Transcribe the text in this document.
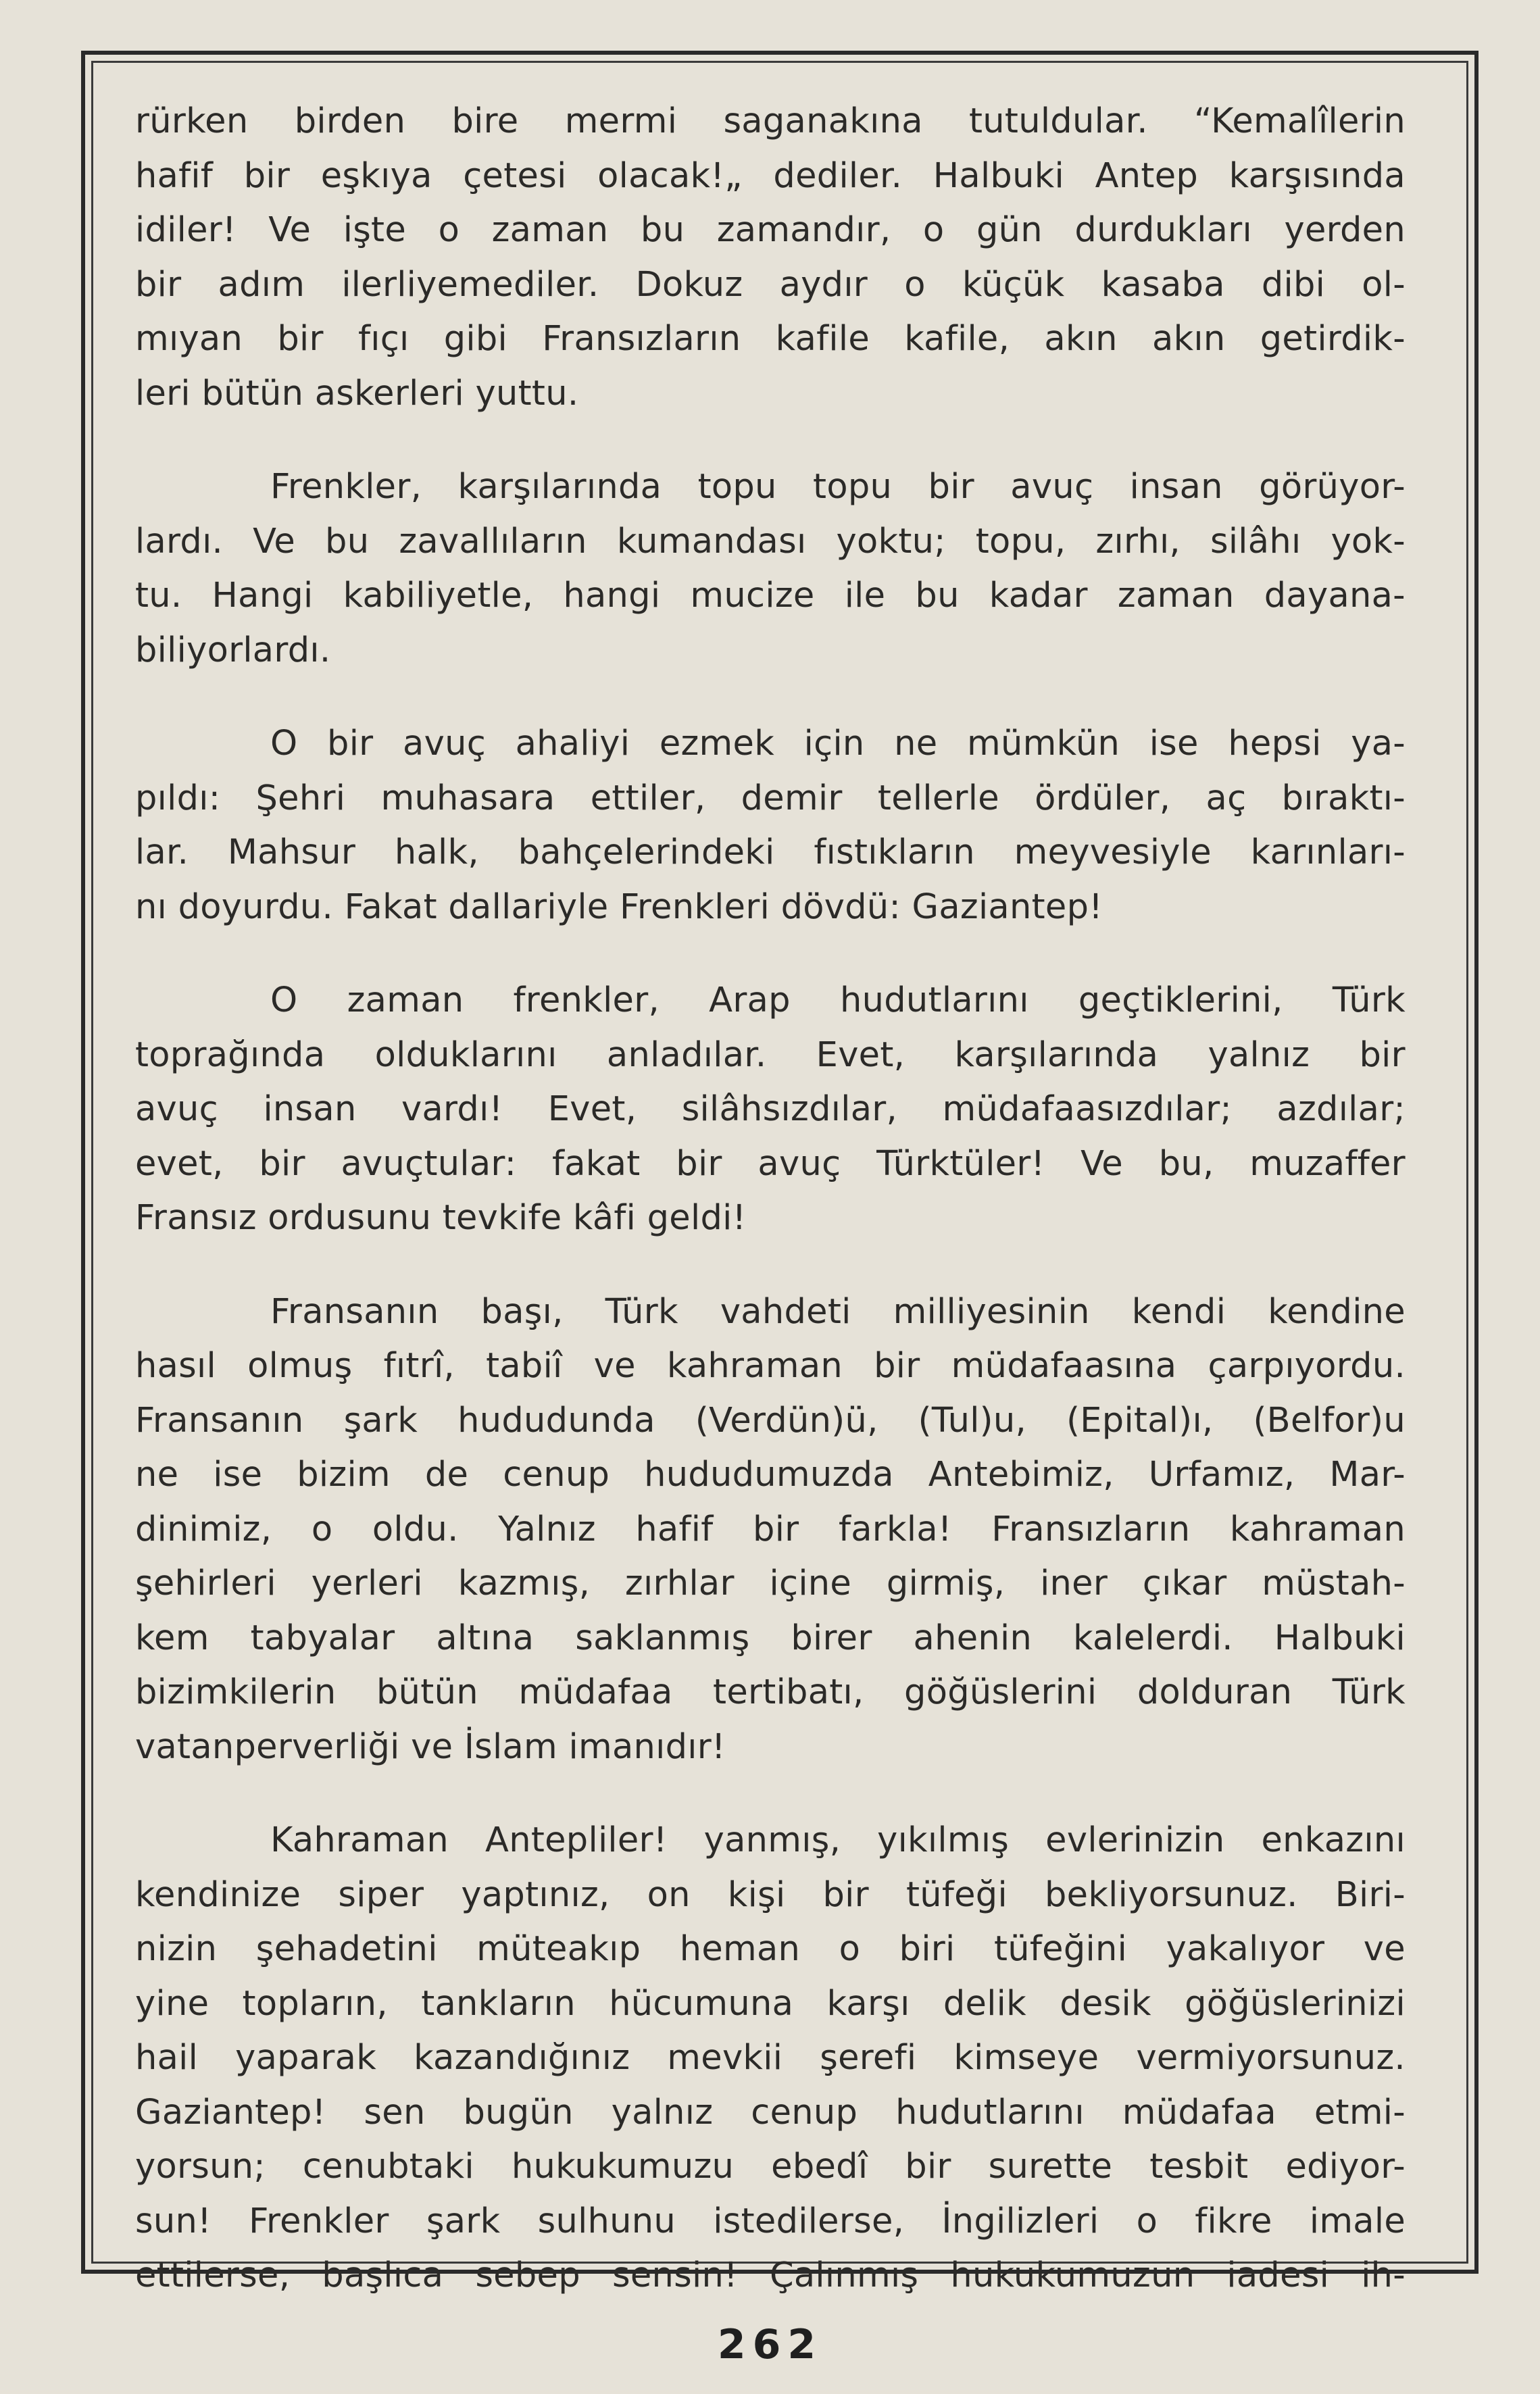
rürken birden bire mermi saganakına tutuldular. “Kemalîlerin
hafif bir eşkıya çetesi olacak!„ dediler. Halbuki Antep karşısında
idiler! Ve işte o zaman bu zamandır, o gün durdukları yerden
bir adım ilerliyemediler. Dokuz aydır o küçük kasaba dibi ol-
mıyan bir fıçı gibi Fransızların kafile kafile, akın akın getirdik-
leri bütün askerleri yuttu.
Frenkler, karşılarında topu topu bir avuç insan görüyor-
lardı. Ve bu zavallıların kumandası yoktu; topu, zırhı, silâhı yok-
tu. Hangi kabiliyetle, hangi mucize ile bu kadar zaman dayana-
biliyorlardı.
O bir avuç ahaliyi ezmek için ne mümkün ise hepsi ya-
pıldı: Şehri muhasara ettiler, demir tellerle ördüler, aç bıraktı-
lar. Mahsur halk, bahçelerindeki fıstıkların meyvesiyle karınları-
nı doyurdu. Fakat dallariyle Frenkleri dövdü: Gaziantep!
O zaman frenkler, Arap hudutlarını geçtiklerini, Türk
toprağında olduklarını anladılar. Evet, karşılarında yalnız bir
avuç insan vardı! Evet, silâhsızdılar, müdafaasızdılar; azdılar;
evet, bir avuçtular: fakat bir avuç Türktüler! Ve bu, muzaffer
Fransız ordusunu tevkife kâfi geldi!
Fransanın başı, Türk vahdeti milliyesinin kendi kendine
hasıl olmuş fıtrî, tabiî ve kahraman bir müdafaasına çarpıyordu.
Fransanın şark hududunda (Verdün)ü, (Tul)u, (Epital)ı, (Belfor)u
ne ise bizim de cenup hududumuzda Antebimiz, Urfamız, Mar-
dinimiz, o oldu. Yalnız hafif bir farkla! Fransızların kahraman
şehirleri yerleri kazmış, zırhlar içine girmiş, iner çıkar müstah-
kem tabyalar altına saklanmış birer ahenin kalelerdi. Halbuki
bizimkilerin bütün müdafaa tertibatı, göğüslerini dolduran Türk
vatanperverliği ve İslam imanıdır!
Kahraman Antepliler! yanmış, yıkılmış evlerinizin enkazını
kendinize siper yaptınız, on kişi bir tüfeği bekliyorsunuz. Biri-
nizin şehadetini müteakıp heman o biri tüfeğini yakalıyor ve
yine topların, tankların hücumuna karşı delik desik göğüslerinizi
hail yaparak kazandığınız mevkii şerefi kimseye vermiyorsunuz.
Gaziantep! sen bugün yalnız cenup hudutlarını müdafaa etmi-
yorsun; cenubtaki hukukumuzu ebedî bir surette tesbit ediyor-
sun! Frenkler şark sulhunu istedilerse, İngilizleri o fikre imale
ettilerse, başlıca sebep sensin! Çalınmış hukukumuzun iadesi ih-
262
